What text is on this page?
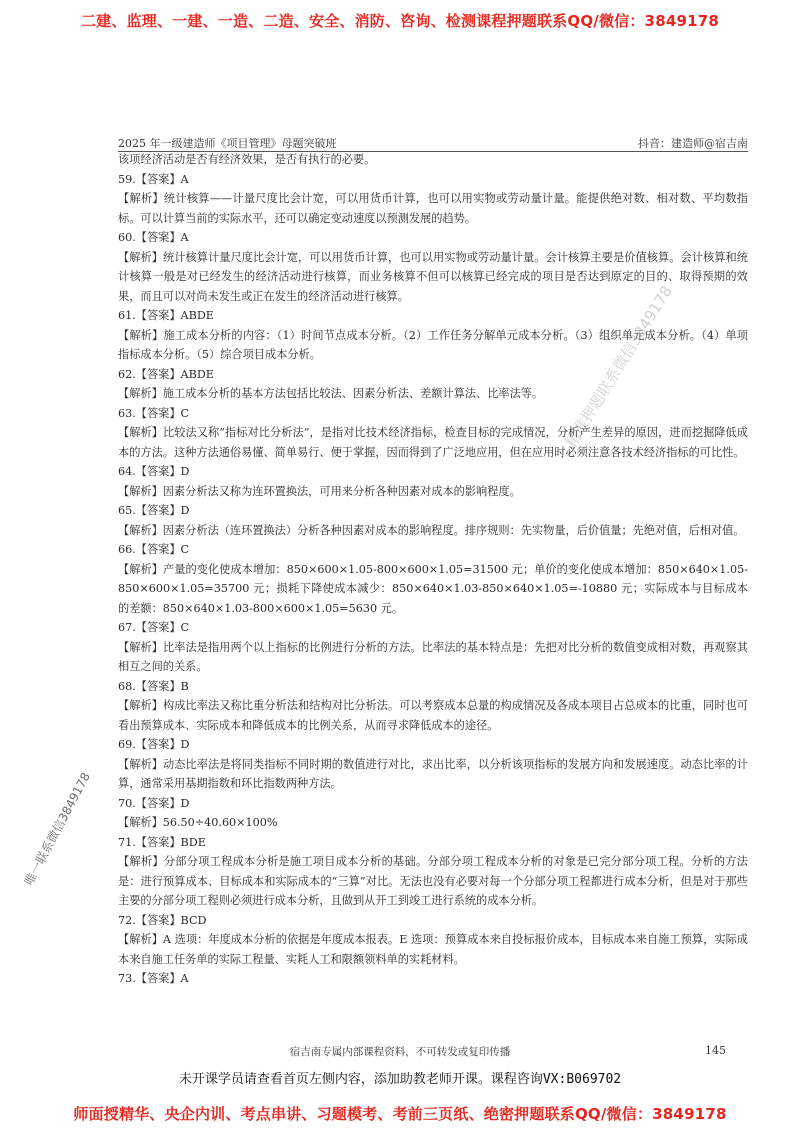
二建、监理、一建、一造、二造、安全、消防、咨询、检测课程押题联系QQ/微信：3849178
2025 年一级建造师《项目管理》母题突破班	抖音：建造师@宿吉南

该项经济活动是否有经济效果，是否有执行的必要。

59.【答案】A

【解析】统计核算——计量尺度比会计宽，可以用货币计算，也可以用实物或劳动量计量。能提供绝对数、相对数、平均数指标。可以计算当前的实际水平，还可以确定变动速度以预测发展的趋势。

60.【答案】A

【解析】统计核算计量尺度比会计宽，可以用货币计算，也可以用实物或劳动量计量。会计核算主要是价值核算。会计核算和统计核算一般是对已经发生的经济活动进行核算，而业务核算不但可以核算已经完成的项目是否达到原定的目的、取得预期的效果，而且可以对尚未发生或正在发生的经济活动进行核算。

61.【答案】ABDE

【解析】施工成本分析的内容：（1）时间节点成本分析。（2）工作任务分解单元成本分析。（3）组织单元成本分析。（4）单项指标成本分析。（5）综合项目成本分析。

62.【答案】ABDE

【解析】施工成本分析的基本方法包括比较法、因素分析法、差额计算法、比率法等。

63.【答案】C

【解析】比较法又称“指标对比分析法”，是指对比技术经济指标，检查目标的完成情况，分析产生差异的原因，进而挖掘降低成本的方法。这种方法通俗易懂、简单易行、便于掌握，因而得到了广泛地应用，但在应用时必须注意各技术经济指标的可比性。

64.【答案】D

【解析】因素分析法又称为连环置换法，可用来分析各种因素对成本的影响程度。

65.【答案】D

【解析】因素分析法（连环置换法）分析各种因素对成本的影响程度。排序规则：先实物量，后价值量；先绝对值，后相对值。

66.【答案】C

【解析】产量的变化使成本增加：850×600×1.05-800×600×1.05=31500 元；单价的变化使成本增加：850×640×1.05-850×600×1.05=35700 元；损耗下降使成本减少：850×640×1.03-850×640×1.05=-10880 元；实际成本与目标成本的差额：850×640×1.03-800×600×1.05=5630 元。

67.【答案】C

【解析】比率法是指用两个以上指标的比例进行分析的方法。比率法的基本特点是：先把对比分析的数值变成相对数，再观察其相互之间的关系。

68.【答案】B

【解析】构成比率法又称比重分析法和结构对比分析法。可以考察成本总量的构成情况及各成本项目占总成本的比重，同时也可看出预算成本、实际成本和降低成本的比例关系，从而寻求降低成本的途径。

69.【答案】D

【解析】动态比率法是将同类指标不同时期的数值进行对比，求出比率，以分析该项指标的发展方向和发展速度。动态比率的计算，通常采用基期指数和环比指数两种方法。

70.【答案】D

【解析】56.50÷40.60×100%

71.【答案】BDE

【解析】分部分项工程成本分析是施工项目成本分析的基础。分部分项工程成本分析的对象是已完分部分项工程。分析的方法是：进行预算成本、目标成本和实际成本的“三算”对比。无法也没有必要对每一个分部分项工程都进行成本分析，但是对于那些主要的分部分项工程则必须进行成本分析，且做到从开工到竣工进行系统的成本分析。

72.【答案】BCD

【解析】A 选项：年度成本分析的依据是年度成本报表。E 选项：预算成本来自投标报价成本，目标成本来自施工预算，实际成本来自施工任务单的实际工程量、实耗人工和限额领料单的实耗材料。

73.【答案】A

精准押题联系微信3849178
唯一联系微信3849178
宿吉南专属内部课程资料，不可转发或复印传播	145
未开课学员请查看首页左侧内容，添加助教老师开课。课程咨询VX:B069702
师面授精华、央企内训、考点串讲、习题模考、考前三页纸、绝密押题联系QQ/微信：3849178
